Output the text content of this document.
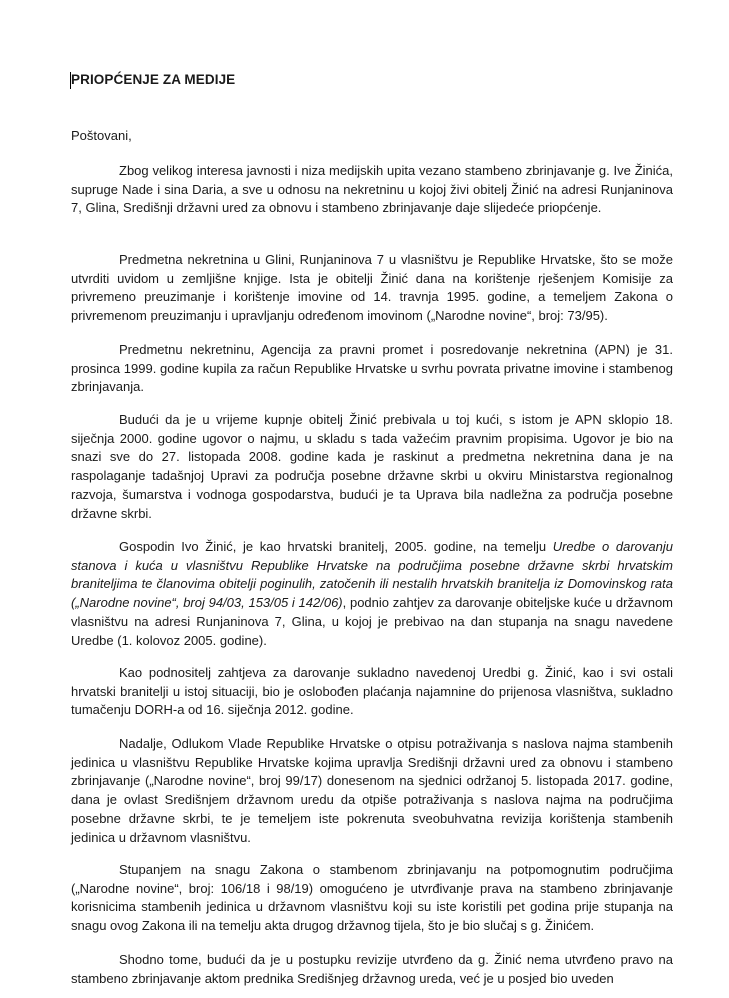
PRIOPĆENJE ZA MEDIJE
Poštovani,

Zbog velikog interesa javnosti i niza medijskih upita vezano stambeno zbrinjavanje g. Ive Žinića, supruge Nade i sina Daria, a sve u odnosu na nekretninu u kojoj živi obitelj Žinić na adresi Runjaninova 7, Glina, Središnji državni ured za obnovu i stambeno zbrinjavanje daje slijedeće priopćenje.

Predmetna nekretnina u Glini, Runjaninova 7 u vlasništvu je Republike Hrvatske, što se može utvrditi uvidom u zemljišne knjige. Ista je obitelji Žinić dana na korištenje rješenjem Komisije za privremeno preuzimanje i korištenje imovine od 14. travnja 1995. godine, a temeljem Zakona o privremenom preuzimanju i upravljanju određenom imovinom („Narodne novine“, broj: 73/95).

Predmetnu nekretninu, Agencija za pravni promet i posredovanje nekretnina (APN) je 31. prosinca 1999. godine kupila za račun Republike Hrvatske u svrhu povrata privatne imovine i stambenog zbrinjavanja.

Budući da je u vrijeme kupnje obitelj Žinić prebivala u toj kući, s istom je APN sklopio 18. siječnja 2000. godine ugovor o najmu, u skladu s tada važećim pravnim propisima. Ugovor je bio na snazi sve do 27. listopada 2008. godine kada je raskinut a predmetna nekretnina dana je na raspolaganje tadašnjoj Upravi za područja posebne državne skrbi u okviru Ministarstva regionalnog razvoja, šumarstva i vodnoga gospodarstva, budući je ta Uprava bila nadležna za područja posebne državne skrbi.

Gospodin Ivo Žinić, je kao hrvatski branitelj, 2005. godine, na temelju Uredbe o darovanju stanova i kuća u vlasništvu Republike Hrvatske na područjima posebne državne skrbi hrvatskim braniteljima te članovima obitelji poginulih, zatočenih ili nestalih hrvatskih branitelja iz Domovinskog rata („Narodne novine“, broj 94/03, 153/05 i 142/06), podnio zahtjev za darovanje obiteljske kuće u državnom vlasništvu na adresi Runjaninova 7, Glina, u kojoj je prebivao na dan stupanja na snagu navedene Uredbe (1. kolovoz 2005. godine).

Kao podnositelj zahtjeva za darovanje sukladno navedenoj Uredbi g. Žinić, kao i svi ostali hrvatski branitelji u istoj situaciji, bio je oslobođen plaćanja najamnine do prijenosa vlasništva, sukladno tumačenju DORH-a od 16. siječnja 2012. godine.

Nadalje, Odlukom Vlade Republike Hrvatske o otpisu potraživanja s naslova najma stambenih jedinica u vlasništvu Republike Hrvatske kojima upravlja Središnji državni ured za obnovu i stambeno zbrinjavanje („Narodne novine“, broj 99/17) donesenom na sjednici održanoj 5. listopada 2017. godine, dana je ovlast Središnjem državnom uredu da otpiše potraživanja s naslova najma na područjima posebne državne skrbi, te je temeljem iste pokrenuta sveobuhvatna revizija korištenja stambenih jedinica u državnom vlasništvu.

Stupanjem na snagu Zakona o stambenom zbrinjavanju na potpomognutim područjima („Narodne novine“, broj: 106/18 i 98/19) omogućeno je utvrđivanje prava na stambeno zbrinjavanje korisnicima stambenih jedinica u državnom vlasništvu koji su iste koristili pet godina prije stupanja na snagu ovog Zakona ili na temelju akta drugog državnog tijela, što je bio slučaj s g. Žinićem.

Shodno tome, budući da je u postupku revizije utvrđeno da g. Žinić nema utvrđeno pravo na stambeno zbrinjavanje aktom prednika Središnjeg državnog ureda, već je u posjed bio uveden
